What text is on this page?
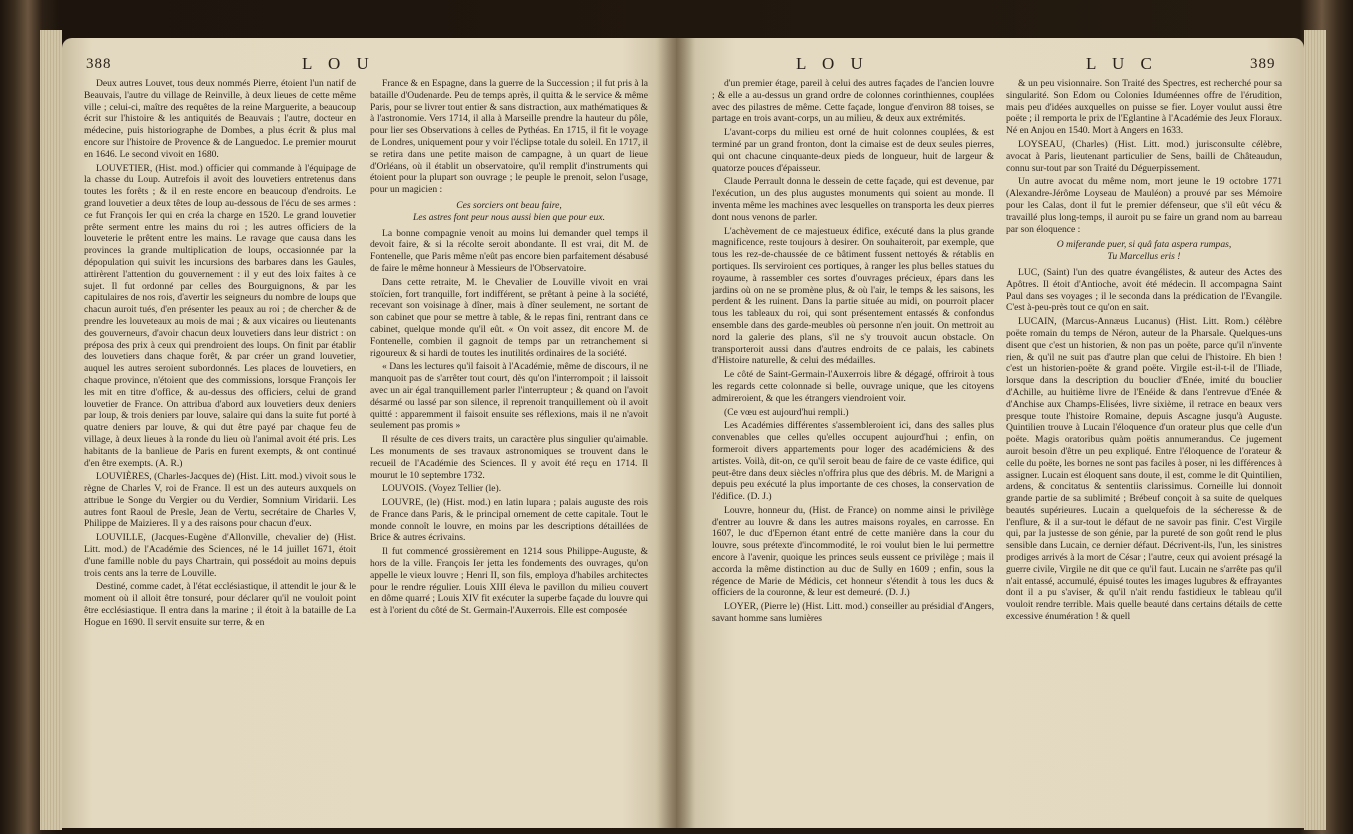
388	L O U

Deux autres Louvet, tous deux nommés Pierre, étoient l'un natif de Beauvais, l'autre du village de Reinville, à deux lieues de cette même ville ; celui-ci, maître des requêtes de la reine Marguerite, a beaucoup écrit sur l'histoire & les antiquités de Beauvais ; l'autre, docteur en médecine, puis historiographe de Dombes, a plus écrit & plus mal encore sur l'histoire de Provence & de Languedoc. Le premier mourut en 1646. Le second vivoit en 1680.

LOUVETIER, (Hist. mod.) officier qui commande à l'équipage de la chasse du Loup. Autrefois il avoit des louvetiers entretenus dans toutes les forêts ; & il en reste encore en beaucoup d'endroits. Le grand louvetier a deux têtes de loup au-dessous de l'écu de ses armes : ce fut François Ier qui en créa la charge en 1520. Le grand louvetier prête serment entre les mains du roi ; les autres officiers de la louveterie le prêtent entre les mains. Le ravage que causa dans les provinces la grande multiplication de loups, occasionnée par la dépopulation qui suivit les incursions des barbares dans les Gaules, attirèrent l'attention du gouvernement : il y eut des loix faites à ce sujet. Il fut ordonné par celles des Bourguignons, & par les capitulaires de nos rois, d'avertir les seigneurs du nombre de loups que chacun auroit tués, d'en présenter les peaux au roi ; de chercher & de prendre les louveteaux au mois de mai ; & aux vicaires ou lieutenants des gouverneurs, d'avoir chacun deux louvetiers dans leur district : on préposa des prix à ceux qui prendroient des loups. On finit par établir des louvetiers dans chaque forêt, & par créer un grand louvetier, auquel les autres seroient subordonnés. Les places de louvetiers, en chaque province, n'étoient que des commissions, lorsque François Ier les mit en titre d'office, & au-dessus des officiers, celui de grand louvetier de France. On attribua d'abord aux louvetiers deux deniers par loup, & trois deniers par louve, salaire qui dans la suite fut porté à quatre deniers par louve, & qui dut être payé par chaque feu de village, à deux lieues à la ronde du lieu où l'animal avoit été pris. Les habitants de la banlieue de Paris en furent exempts, & ont continué d'en être exempts. (A. R.)

LOUVIÈRES, (Charles-Jacques de) (Hist. Litt. mod.) vivoit sous le règne de Charles V, roi de France. Il est un des auteurs auxquels on attribue le Songe du Vergier ou du Verdier, Somnium Viridarii. Les autres font Raoul de Presle, Jean de Vertu, secrétaire de Charles V, Philippe de Maizieres. Il y a des raisons pour chacun d'eux.

LOUVILLE, (Jacques-Eugène d'Allonville, chevalier de) (Hist. Litt. mod.) de l'Académie des Sciences, né le 14 juillet 1671, étoit d'une famille noble du pays Chartrain, qui possédoit au moins depuis trois cents ans la terre de Louville.

Destiné, comme cadet, à l'état ecclésiastique, il attendit le jour & le moment où il alloit être tonsuré, pour déclarer qu'il ne vouloit point être ecclésiastique. Il entra dans la marine ; il étoit à la bataille de La Hogue en 1690. Il servit ensuite sur terre, & en

France & en Espagne, dans la guerre de la Succession ; il fut pris à la bataille d'Oudenarde. Peu de temps après, il quitta & le service & même Paris, pour se livrer tout entier & sans distraction, aux mathématiques & à l'astronomie. Vers 1714, il alla à Marseille prendre la hauteur du pôle, pour lier ses Observations à celles de Pythéas. En 1715, il fit le voyage de Londres, uniquement pour y voir l'éclipse totale du soleil. En 1717, il se retira dans une petite maison de campagne, à un quart de lieue d'Orléans, où il établit un observatoire, qu'il remplit d'instruments qui étoient pour la plupart son ouvrage ; le peuple le prenoit, selon l'usage, pour un magicien :

Ces sorciers ont beau faire,
Les astres font peur nous aussi bien que pour eux.

La bonne compagnie venoit au moins lui demander quel temps il devoit faire, & si la récolte seroit abondante. Il est vrai, dit M. de Fontenelle, que Paris même n'eût pas encore bien parfaitement désabusé de faire le même honneur à Messieurs de l'Observatoire.

Dans cette retraite, M. le Chevalier de Louville vivoit en vrai stoïcien, fort tranquille, fort indifférent, se prêtant à peine à la société, recevant son voisinage à dîner, mais à dîner seulement, ne sortant de son cabinet que pour se mettre à table, & le repas fini, rentrant dans ce cabinet, quelque monde qu'il eût. « On voit assez, dit encore M. de Fontenelle, combien il gagnoit de temps par un retranchement si rigoureux & si hardi de toutes les inutilités ordinaires de la société.

« Dans les lectures qu'il faisoit à l'Académie, même de discours, il ne manquoit pas de s'arrêter tout court, dès qu'on l'interrompoit ; il laissoit avec un air égal tranquillement parler l'interrupteur ; & quand on l'avoit désarmé ou lassé par son silence, il reprenoit tranquillement où il avoit quitté : apparemment il faisoit ensuite ses réflexions, mais il ne n'avoit seulement pas promis »

Il résulte de ces divers traits, un caractère plus singulier qu'aimable. Les monuments de ses travaux astronomiques se trouvent dans le recueil de l'Académie des Sciences. Il y avoit été reçu en 1714. Il mourut le 10 septembre 1732.

LOUVOIS. (Voyez Tellier (le).

LOUVRE, (le) (Hist. mod.) en latin lupara ; palais auguste des rois de France dans Paris, & le principal ornement de cette capitale. Tout le monde connoît le louvre, en moins par les descriptions détaillées de Brice & autres écrivains.

Il fut commencé grossièrement en 1214 sous Philippe-Auguste, & hors de la ville. François Ier jetta les fondements des ouvrages, qu'on appelle le vieux louvre ; Henri II, son fils, employa d'habiles architectes pour le rendre régulier. Louis XIII éleva le pavillon du milieu couvert en dôme quarré ; Louis XIV fit exécuter la superbe façade du louvre qui est à l'orient du côté de St. Germain-l'Auxerrois. Elle est composée

L O U	L U C	389

d'un premier étage, pareil à celui des autres façades de l'ancien louvre ; & elle a au-dessus un grand ordre de colonnes corinthiennes, couplées avec des pilastres de même. Cette façade, longue d'environ 88 toises, se partage en trois avant-corps, un au milieu, & deux aux extrémités.

L'avant-corps du milieu est orné de huit colonnes couplées, & est terminé par un grand fronton, dont la cimaise est de deux seules pierres, qui ont chacune cinquante-deux pieds de longueur, huit de largeur & quatorze pouces d'épaisseur.

Claude Perrault donna le dessein de cette façade, qui est devenue, par l'exécution, un des plus augustes monuments qui soient au monde. Il inventa même les machines avec lesquelles on transporta les deux pierres dont nous venons de parler.

L'achèvement de ce majestueux édifice, exécuté dans la plus grande magnificence, reste toujours à desirer. On souhaiteroit, par exemple, que tous les rez-de-chaussée de ce bâtiment fussent nettoyés & rétablis en portiques. Ils serviroient ces portiques, à ranger les plus belles statues du royaume, à rassembler ces sortes d'ouvrages précieux, épars dans les jardins où on ne se promène plus, & où l'air, le temps & les saisons, les perdent & les ruinent. Dans la partie située au midi, on pourroit placer tous les tableaux du roi, qui sont présentement entassés & confondus ensemble dans des garde-meubles où personne n'en jouit. On mettroit au nord la galerie des plans, s'il ne s'y trouvoit aucun obstacle. On transporteroit aussi dans d'autres endroits de ce palais, les cabinets d'Histoire naturelle, & celui des médailles.

Le côté de Saint-Germain-l'Auxerrois libre & dégagé, offriroit à tous les regards cette colonnade si belle, ouvrage unique, que les citoyens admireroient, & que les étrangers viendroient voir.

(Ce vœu est aujourd'hui rempli.)

Les Académies différentes s'assembleroient ici, dans des salles plus convenables que celles qu'elles occupent aujourd'hui ; enfin, on formeroit divers appartements pour loger des académiciens & des artistes. Voilà, dit-on, ce qu'il seroit beau de faire de ce vaste édifice, qui peut-être dans deux siècles n'offrira plus que des débris. M. de Marigni a depuis peu exécuté la plus importante de ces choses, la conservation de l'édifice. (D. J.)

Louvre, honneur du, (Hist. de France) on nomme ainsi le privilège d'entrer au louvre & dans les autres maisons royales, en carrosse. En 1607, le duc d'Epernon étant entré de cette manière dans la cour du louvre, sous prétexte d'incommodité, le roi voulut bien le lui permettre encore à l'avenir, quoique les princes seuls eussent ce privilège ; mais il accorda la même distinction au duc de Sully en 1609 ; enfin, sous la régence de Marie de Médicis, cet honneur s'étendit à tous les ducs & officiers de la couronne, & leur est demeuré. (D. J.)

LOYER, (Pierre le) (Hist. Litt. mod.) conseiller au présidial d'Angers, savant homme sans lumières

& un peu visionnaire. Son Traité des Spectres, est recherché pour sa singularité. Son Edom ou Colonies Iduméennes offre de l'érudition, mais peu d'idées auxquelles on puisse se fier. Loyer voulut aussi être poëte ; il remporta le prix de l'Eglantine à l'Académie des Jeux Floraux. Né en Anjou en 1540. Mort à Angers en 1633.

LOYSEAU, (Charles) (Hist. Litt. mod.) jurisconsulte célèbre, avocat à Paris, lieutenant particulier de Sens, bailli de Châteaudun, connu sur-tout par son Traité du Déguerpissement.

Un autre avocat du même nom, mort jeune le 19 octobre 1771 (Alexandre-Jérôme Loyseau de Mauléon) a prouvé par ses Mémoire pour les Calas, dont il fut le premier défenseur, que s'il eût vécu & travaillé plus long-temps, il auroit pu se faire un grand nom au barreau par son éloquence :

O miferande puer, si quâ fata aspera rumpas,
Tu Marcellus eris !

LUC, (Saint) l'un des quatre évangélistes, & auteur des Actes des Apôtres. Il étoit d'Antioche, avoit été médecin. Il accompagna Saint Paul dans ses voyages ; il le seconda dans la prédication de l'Evangile. C'est à-peu-près tout ce qu'on en sait.

LUCAIN, (Marcus-Annæus Lucanus) (Hist. Litt. Rom.) célèbre poëte romain du temps de Néron, auteur de la Pharsale. Quelques-uns disent que c'est un historien, & non pas un poëte, parce qu'il n'invente rien, & qu'il ne suit pas d'autre plan que celui de l'histoire. Eh bien ! c'est un historien-poëte & grand poëte. Virgile est-il-t-il de l'Iliade, lorsque dans la description du bouclier d'Enée, imité du bouclier d'Achille, au huitième livre de l'Enéide & dans l'entrevue d'Enée & d'Anchise aux Champs-Elisées, livre sixième, il retrace en beaux vers presque toute l'histoire Romaine, depuis Ascagne jusqu'à Auguste. Quintilien trouve à Lucain l'éloquence d'un orateur plus que celle d'un poëte. Magis oratoribus quàm poëtis annumerandus. Ce jugement auroit besoin d'être un peu expliqué. Entre l'éloquence de l'orateur & celle du poëte, les bornes ne sont pas faciles à poser, ni les différences à assigner. Lucain est éloquent sans doute, il est, comme le dit Quintilien, ardens, & concitatus & sententiis clarissimus. Corneille lui donnoit grande partie de sa sublimité ; Brébeuf conçoit à sa suite de quelques beautés supérieures. Lucain a quelquefois de la sécheresse & de l'enflure, & il a sur-tout le défaut de ne savoir pas finir. C'est Virgile qui, par la justesse de son génie, par la pureté de son goût rend le plus sensible dans Lucain, ce dernier défaut. Décrivent-ils, l'un, les sinistres prodiges arrivés à la mort de César ; l'autre, ceux qui avoient présagé la guerre civile, Virgile ne dit que ce qu'il faut. Lucain ne s'arrête pas qu'il n'ait entassé, accumulé, épuisé toutes les images lugubres & effrayantes dont il a pu s'aviser, & qu'il n'ait rendu fastidieux le tableau qu'il vouloit rendre terrible. Mais quelle beauté dans certains détails de cette excessive énumération ! & quell
